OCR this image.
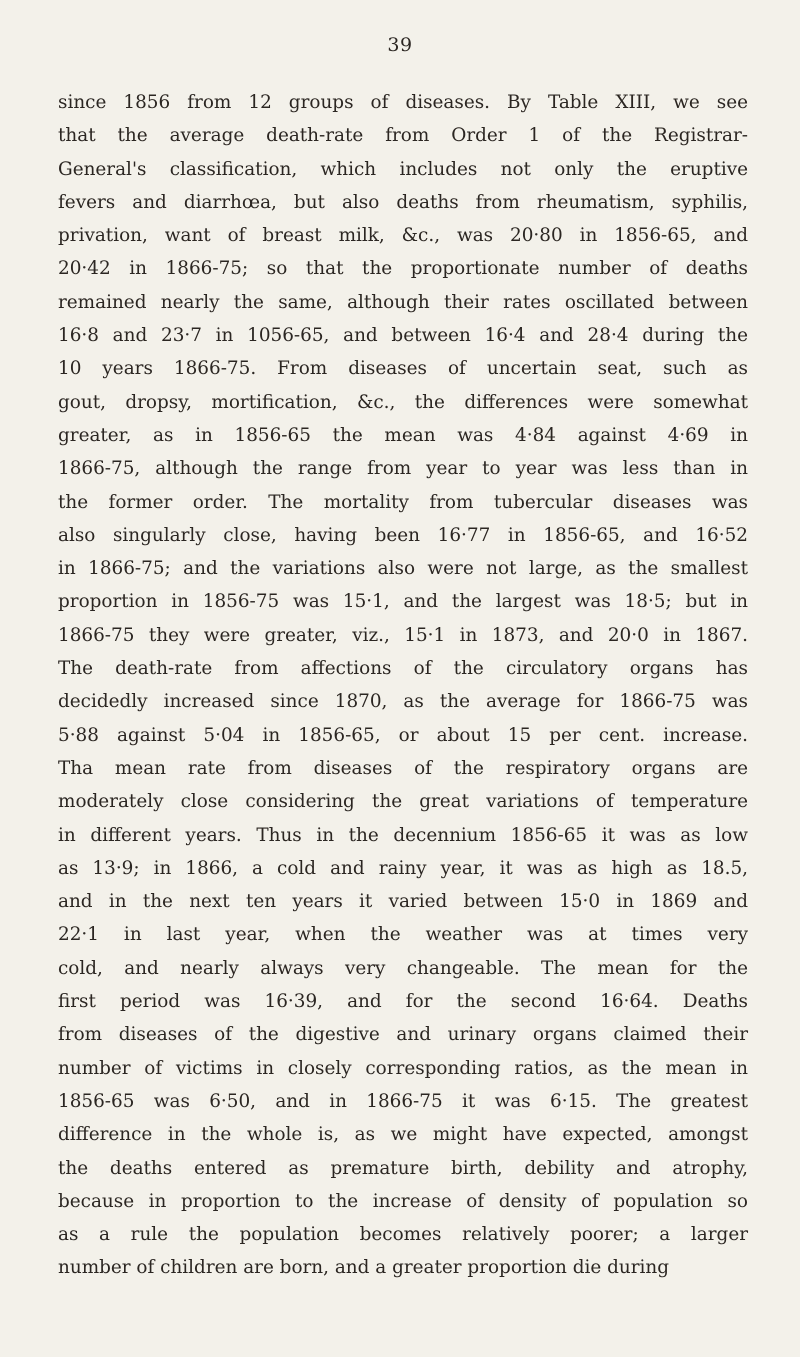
39
since 1856 from 12 groups of diseases. By Table XIII, we see
that the average death-rate from Order 1 of the Registrar-
General's classification, which includes not only the eruptive
fevers and diarrhœa, but also deaths from rheumatism, syphilis,
privation, want of breast milk, &c., was 20·80 in 1856-65, and
20·42 in 1866-75; so that the proportionate number of deaths
remained nearly the same, although their rates oscillated between
16·8 and 23·7 in 1056-65, and between 16·4 and 28·4 during the
10 years 1866-75. From diseases of uncertain seat, such as
gout, dropsy, mortification, &c., the differences were somewhat
greater, as in 1856-65 the mean was 4·84 against 4·69 in
1866-75, although the range from year to year was less than in
the former order. The mortality from tubercular diseases was
also singularly close, having been 16·77 in 1856-65, and 16·52
in 1866-75; and the variations also were not large, as the smallest
proportion in 1856-75 was 15·1, and the largest was 18·5; but in
1866-75 they were greater, viz., 15·1 in 1873, and 20·0 in 1867.
The death-rate from affections of the circulatory organs has
decidedly increased since 1870, as the average for 1866-75 was
5·88 against 5·04 in 1856-65, or about 15 per cent. increase.
Tha mean rate from diseases of the respiratory organs are
moderately close considering the great variations of temperature
in different years. Thus in the decennium 1856-65 it was as low
as 13·9; in 1866, a cold and rainy year, it was as high as 18.5,
and in the next ten years it varied between 15·0 in 1869 and
22·1 in last year, when the weather was at times very
cold, and nearly always very changeable. The mean for the
first period was 16·39, and for the second 16·64. Deaths
from diseases of the digestive and urinary organs claimed their
number of victims in closely corresponding ratios, as the mean in
1856-65 was 6·50, and in 1866-75 it was 6·15. The greatest
difference in the whole is, as we might have expected, amongst
the deaths entered as premature birth, debility and atrophy,
because in proportion to the increase of density of population so
as a rule the population becomes relatively poorer; a larger
number of children are born, and a greater proportion die during
